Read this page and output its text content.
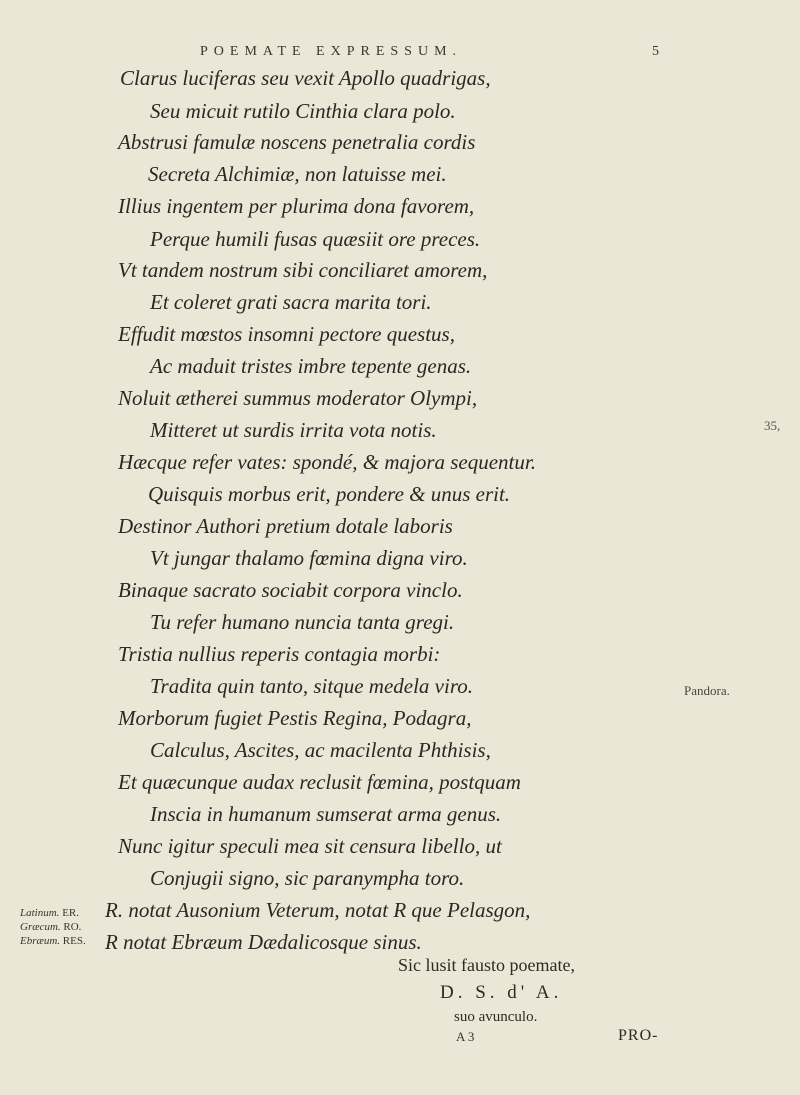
POEMATE EXPRESSUM.	5
Clarus luciferas seu vexit Apollo quadrigas,
Seu micuit rutilo Cinthia clara polo.
Abstrusi famulæ noscens penetralia cordis
Secreta Alchimiæ, non latuisse mei.
Illius ingentem per plurima dona favorem,
Perque humili fusas quæsiit ore preces.
Vt tandem nostrum sibi conciliaret amorem,
Et coleret grati sacra marita tori.
Effudit mœstos insomni pectore questus,
Ac maduit tristes imbre tepente genas.
Noluit ætherei summus moderator Olympi,
Mitteret ut surdis irrita vota notis.
Hæcque refer vates: spondé, & majora sequentur.
Quisquis morbus erit, pondere & unus erit.
Destinor Authori pretium dotale laboris
Vt jungar thalamo fœmina digna viro.
Binaque sacrato sociabit corpora vinclo.
Tu refer humano nuncia tanta gregi.
Tristia nullius reperis contagia morbi:
Tradita quin tanto, sitque medela viro.
Morborum fugiet Pestis Regina, Podagra,
Calculus, Ascites, ac macilenta Phthisis,
Et quæcunque audax reclusit fœmina, postquam
Inscia in humanum sumserat arma genus.
Nunc igitur speculi mea sit censura libello, ut
Conjugii signo, sic paranympha toro.
R. notat Ausonium Veterum, notat R que Pelasgon,
R notat Ebræum Dædalicosque sinus.
35,
Pandora.
Latinum. ER.
Græcum. RO.
Ebræum. RES.
Sic lusit fausto poemate,
D. S. d' A.
suo avunculo.
A 3	PRO-
